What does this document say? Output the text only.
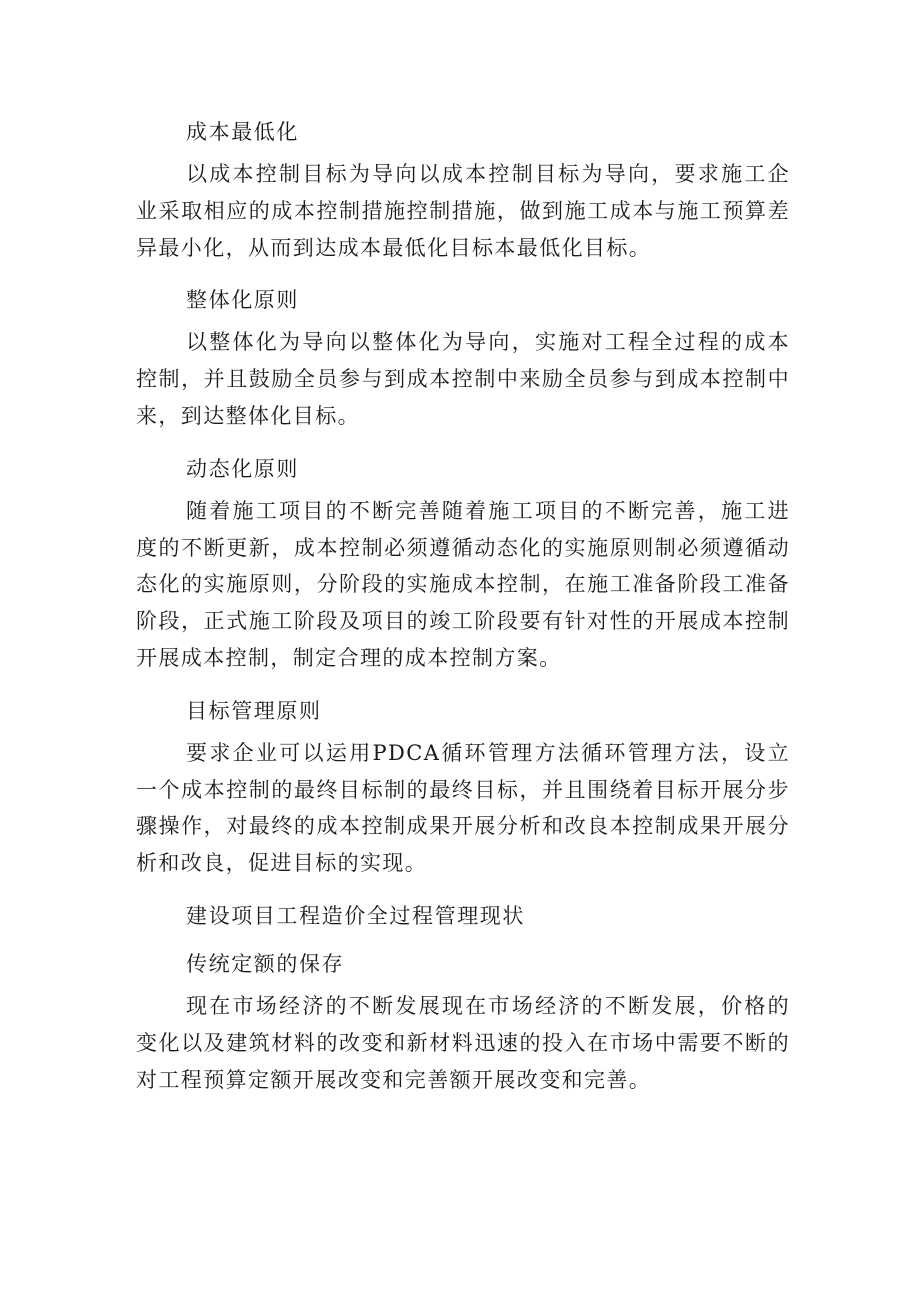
成本最低化

以成本控制目标为导向以成本控制目标为导向，要求施工企业采取相应的成本控制措施控制措施，做到施工成本与施工预算差异最小化，从而到达成本最低化目标本最低化目标。

整体化原则

以整体化为导向以整体化为导向，实施对工程全过程的成本控制，并且鼓励全员参与到成本控制中来励全员参与到成本控制中来，到达整体化目标。

动态化原则

随着施工项目的不断完善随着施工项目的不断完善，施工进度的不断更新，成本控制必须遵循动态化的实施原则制必须遵循动态化的实施原则，分阶段的实施成本控制，在施工准备阶段工准备阶段，正式施工阶段及项目的竣工阶段要有针对性的开展成本控制开展成本控制，制定合理的成本控制方案。

目标管理原则

要求企业可以运用PDCA循环管理方法循环管理方法，设立一个成本控制的最终目标制的最终目标，并且围绕着目标开展分步骤操作，对最终的成本控制成果开展分析和改良本控制成果开展分析和改良，促进目标的实现。

建设项目工程造价全过程管理现状
传统定额的保存

现在市场经济的不断发展现在市场经济的不断发展，价格的变化以及建筑材料的改变和新材料迅速的投入在市场中需要不断的对工程预算定额开展改变和完善额开展改变和完善。
